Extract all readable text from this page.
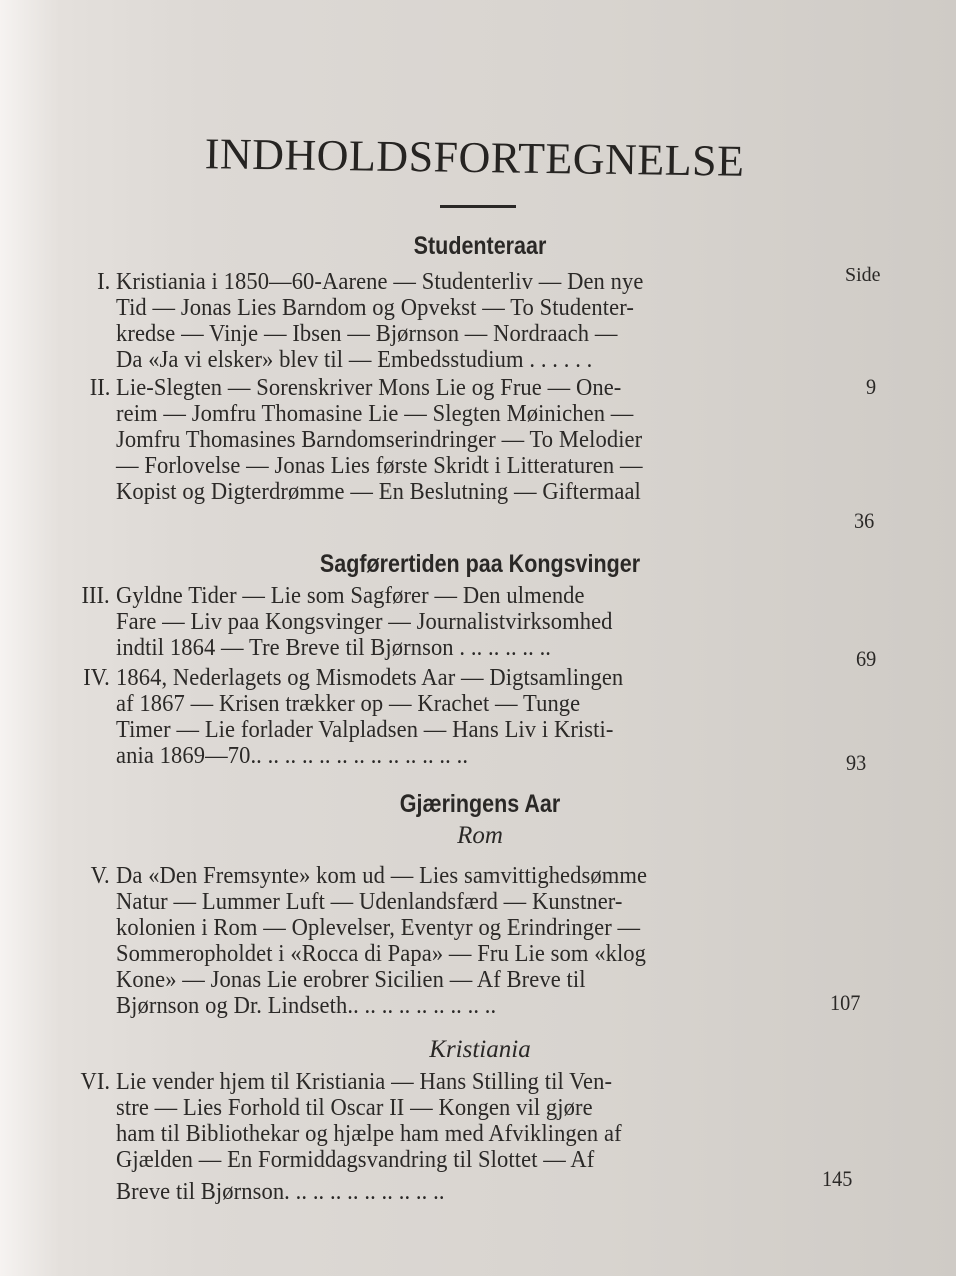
INDHOLDSFORTEGNELSE
Studenteraar
Side
I. Kristiania i 1850—60-Aarene — Studenterliv — Den nye
Tid — Jonas Lies Barndom og Opvekst — To Studenter-
kredse — Vinje — Ibsen — Bjørnson — Nordraach —
Da «Ja vi elsker» blev til — Embedsstudium . . . . . .
9
II. Lie-Slegten — Sorenskriver Mons Lie og Frue — One-
reim — Jomfru Thomasine Lie — Slegten Møinichen —
Jomfru Thomasines Barndomserindringer — To Melodier
— Forlovelse — Jonas Lies første Skridt i Litteraturen —
Kopist og Digterdrømme — En Beslutning — Giftermaal
36
Sagførertiden paa Kongsvinger
III. Gyldne Tider — Lie som Sagfører — Den ulmende
Fare — Liv paa Kongsvinger — Journalistvirksomhed
indtil 1864 — Tre Breve til Bjørnson . .. .. .. .. ..	69
IV. 1864, Nederlagets og Mismodets Aar — Digtsamlingen
af 1867 — Krisen trækker op — Krachet — Tunge
Timer — Lie forlader Valpladsen — Hans Liv i Kristi-
ania 1869—70.. .. .. .. .. .. .. .. .. .. .. .. ..	93
Gjæringens Aar
Rom
V. Da «Den Fremsynte» kom ud — Lies samvittighedsømme
Natur — Lummer Luft — Udenlandsfærd — Kunstner-
kolonien i Rom — Oplevelser, Eventyr og Erindringer —
Sommeropholdet i «Rocca di Papa» — Fru Lie som «klog
Kone» — Jonas Lie erobrer Sicilien — Af Breve til
Bjørnson og Dr. Lindseth.. .. .. .. .. .. .. .. ..	107
Kristiania
VI. Lie vender hjem til Kristiania — Hans Stilling til Ven-
stre — Lies Forhold til Oscar II — Kongen vil gjøre
ham til Bibliothekar og hjælpe ham med Afviklingen af
Gjælden — En Formiddagsvandring til Slottet — Af
Breve til Bjørnson. .. .. .. .. .. .. .. .. ..	145
